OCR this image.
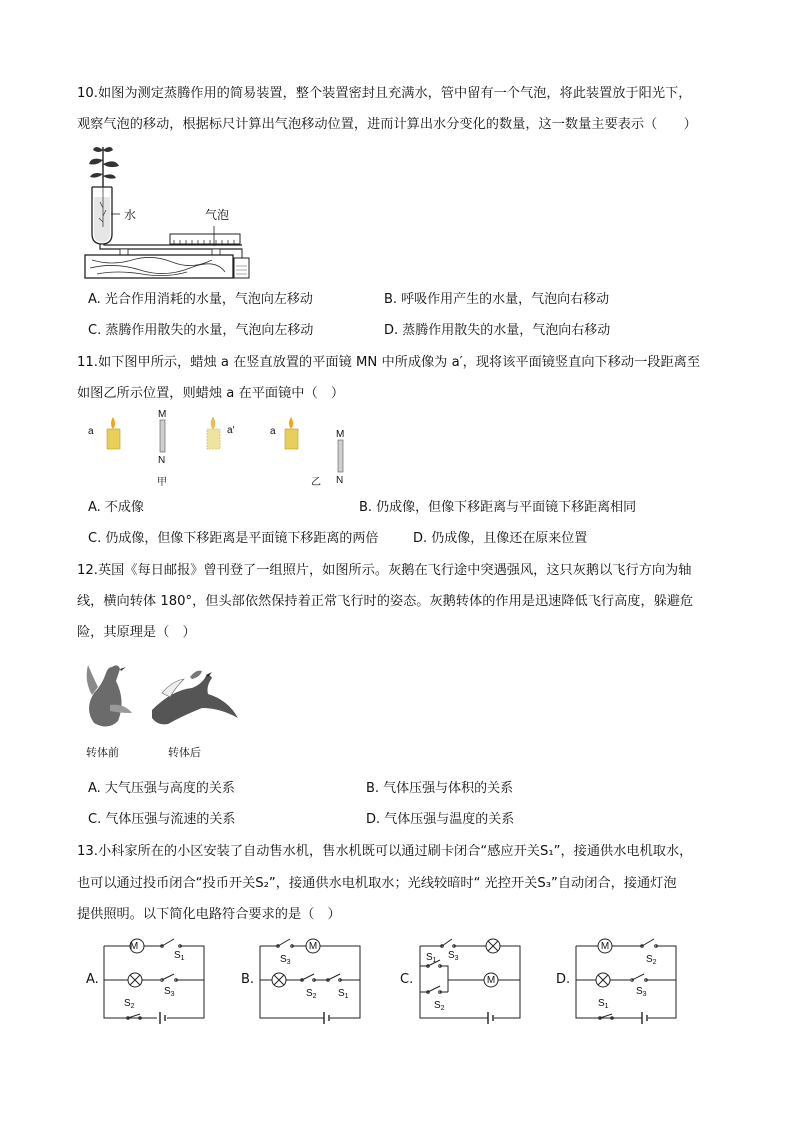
10.如图为测定蒸腾作用的简易装置，整个装置密封且充满水，管中留有一个气泡，将此装置放于阳光下，
观察气泡的移动，根据标尺计算出气泡移动位置，进而计算出水分变化的数量，这一数量主要表示（　　）
水	气泡
A. 光合作用消耗的水量，气泡向左移动	B. 呼吸作用产生的水量，气泡向右移动
C. 蒸腾作用散失的水量，气泡向左移动	D. 蒸腾作用散失的水量，气泡向右移动
11.如下图甲所示，蜡烛 a 在竖直放置的平面镜 MN 中所成像为 a′，现将该平面镜竖直向下移动一段距离至
如图乙所示位置，则蜡烛 a 在平面镜中（　）
a
M
N
a′
甲
a	M
N
乙
A. 不成像	B. 仍成像，但像下移距离与平面镜下移距离相同
C. 仍成像，但像下移距离是平面镜下移距离的两倍	D. 仍成像，且像还在原来位置
12.英国《每日邮报》曾刊登了一组照片，如图所示。灰鹅在飞行途中突遇强风，这只灰鹅以飞行方向为轴
线，横向转体 180°，但头部依然保持着正常飞行时的姿态。灰鹅转体的作用是迅速降低飞行高度，躲避危
险，其原理是（　）
转体前	转体后
A. 大气压强与高度的关系	B. 气体压强与体积的关系
C. 气体压强与流速的关系	D. 气体压强与温度的关系
13.小科家所在的小区安装了自动售水机，售水机既可以通过刷卡闭合“感应开关S₁”，接通供水电机取水，
也可以通过投币闭合“投币开关S₂”，接通供水电机取水；光线较暗时“ 光控开关S₃”自动闭合，接通灯泡
提供照明。以下简化电路符合要求的是（　）
A.
M
$S_1$
$S_3$
$S_2$
B.
M
$S_3$
$S_2$ $S_1$
C.	M
$S_1$ $S_3$
$S_2$
D.
M
$S_2$
$S_3$
$S_1$
